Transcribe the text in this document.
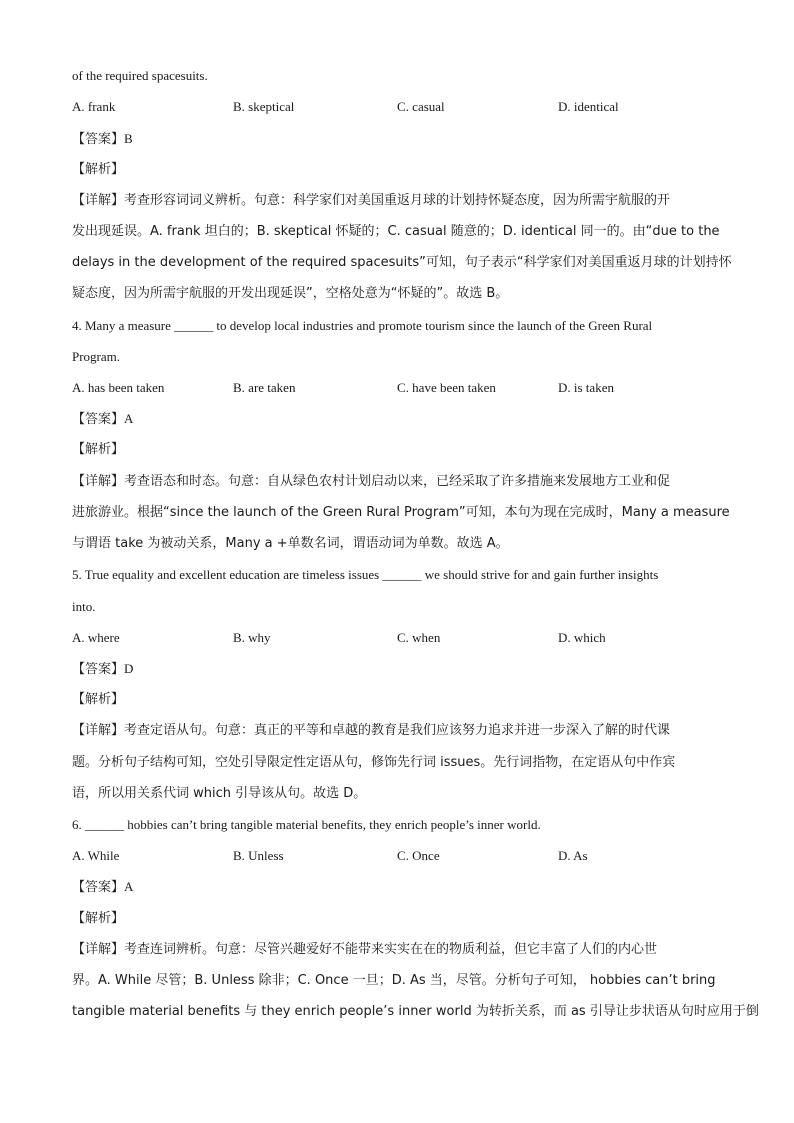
of the required spacesuits.
A. frank	B. skeptical	C. casual	D. identical
【答案】B
【解析】
【详解】考查形容词词义辨析。句意：科学家们对美国重返月球的计划持怀疑态度，因为所需宇航服的开
发出现延误。A. frank 坦白的；B. skeptical 怀疑的；C. casual 随意的；D. identical 同一的。由“due to the
delays in the development of the required spacesuits”可知，句子表示“科学家们对美国重返月球的计划持怀
疑态度，因为所需宇航服的开发出现延误”，空格处意为“怀疑的”。故选 B。
4. Many a measure ______ to develop local industries and promote tourism since the launch of the Green Rural
Program.
A. has been taken	B. are taken	C. have been taken	D. is taken
【答案】A
【解析】
【详解】考查语态和时态。句意：自从绿色农村计划启动以来，已经采取了许多措施来发展地方工业和促
进旅游业。根据“since the launch of the Green Rural Program”可知，本句为现在完成时，Many a measure
与谓语 take 为被动关系，Many a +单数名词，谓语动词为单数。故选 A。
5. True equality and excellent education are timeless issues ______ we should strive for and gain further insights
into.
A. where	B. why	C. when	D. which
【答案】D
【解析】
【详解】考查定语从句。句意：真正的平等和卓越的教育是我们应该努力追求并进一步深入了解的时代课
题。分析句子结构可知，空处引导限定性定语从句，修饰先行词 issues。先行词指物，在定语从句中作宾
语，所以用关系代词 which 引导该从句。故选 D。
6. ______ hobbies can’t bring tangible material benefits, they enrich people’s inner world.
A. While	B. Unless	C. Once	D. As
【答案】A
【解析】
【详解】考查连词辨析。句意：尽管兴趣爱好不能带来实实在在的物质利益，但它丰富了人们的内心世
界。A. While 尽管；B. Unless 除非；C. Once 一旦；D. As 当，尽管。分析句子可知， hobbies can’t bring
tangible material benefits 与 they enrich people’s inner world 为转折关系，而 as 引导让步状语从句时应用于倒
